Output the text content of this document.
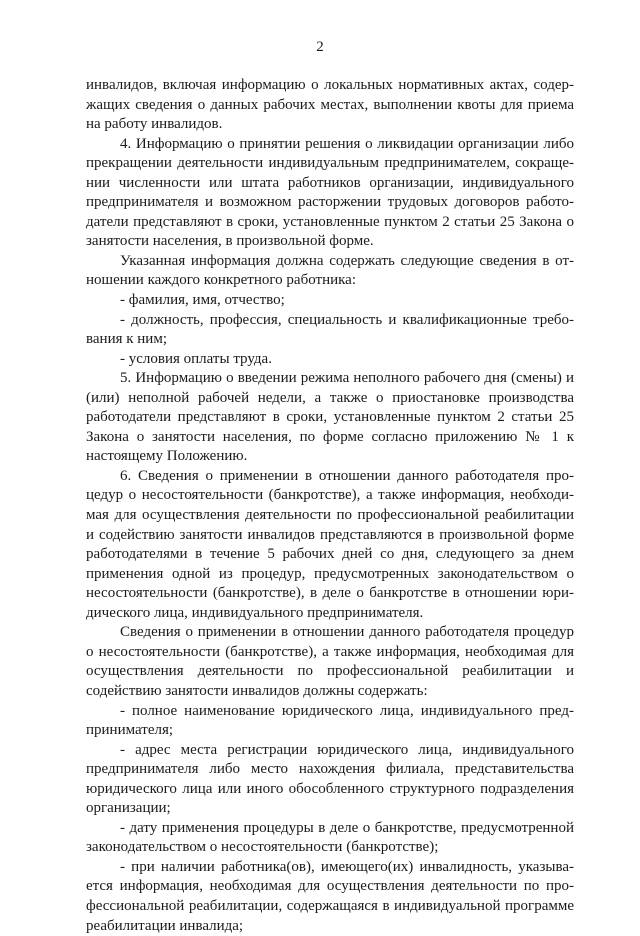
2

инвалидов, включая информацию о локальных нормативных актах, содержащих сведения о данных рабочих местах, выполнении квоты для приема на работу инвалидов.

4. Информацию о принятии решения о ликвидации организации либо прекращении деятельности индивидуальным предпринимателем, сокращении численности или штата работников организации, индивидуального предпринимателя и возможном расторжении трудовых договоров работодатели представляют в сроки, установленные пунктом 2 статьи 25 Закона о занятости населения, в произвольной форме.

Указанная информация должна содержать следующие сведения в отношении каждого конкретного работника:

- фамилия, имя, отчество;

- должность, профессия, специальность и квалификационные требования к ним;

- условия оплаты труда.

5. Информацию о введении режима неполного рабочего дня (смены) и (или) неполной рабочей недели, а также о приостановке производства работодатели представляют в сроки, установленные пунктом 2 статьи 25 Закона о занятости населения, по форме согласно приложению № 1 к настоящему Положению.

6. Сведения о применении в отношении данного работодателя процедур о несостоятельности (банкротстве), а также информация, необходимая для осуществления деятельности по профессиональной реабилитации и содействию занятости инвалидов представляются в произвольной форме работодателями в течение 5 рабочих дней со дня, следующего за днем применения одной из процедур, предусмотренных законодательством о несостоятельности (банкротстве), в деле о банкротстве в отношении юридического лица, индивидуального предпринимателя.

Сведения о применении в отношении данного работодателя процедур о несостоятельности (банкротстве), а также информация, необходимая для осуществления деятельности по профессиональной реабилитации и содействию занятости инвалидов должны содержать:

- полное наименование юридического лица, индивидуального предпринимателя;

- адрес места регистрации юридического лица, индивидуального предпринимателя либо место нахождения филиала, представительства юридического лица или иного обособленного структурного подразделения организации;

- дату применения процедуры в деле о банкротстве, предусмотренной законодательством о несостоятельности (банкротстве);

- при наличии работника(ов), имеющего(их) инвалидность, указывается информация, необходимая для осуществления деятельности по профессиональной реабилитации, содержащаяся в индивидуальной программе реабилитации инвалида;
